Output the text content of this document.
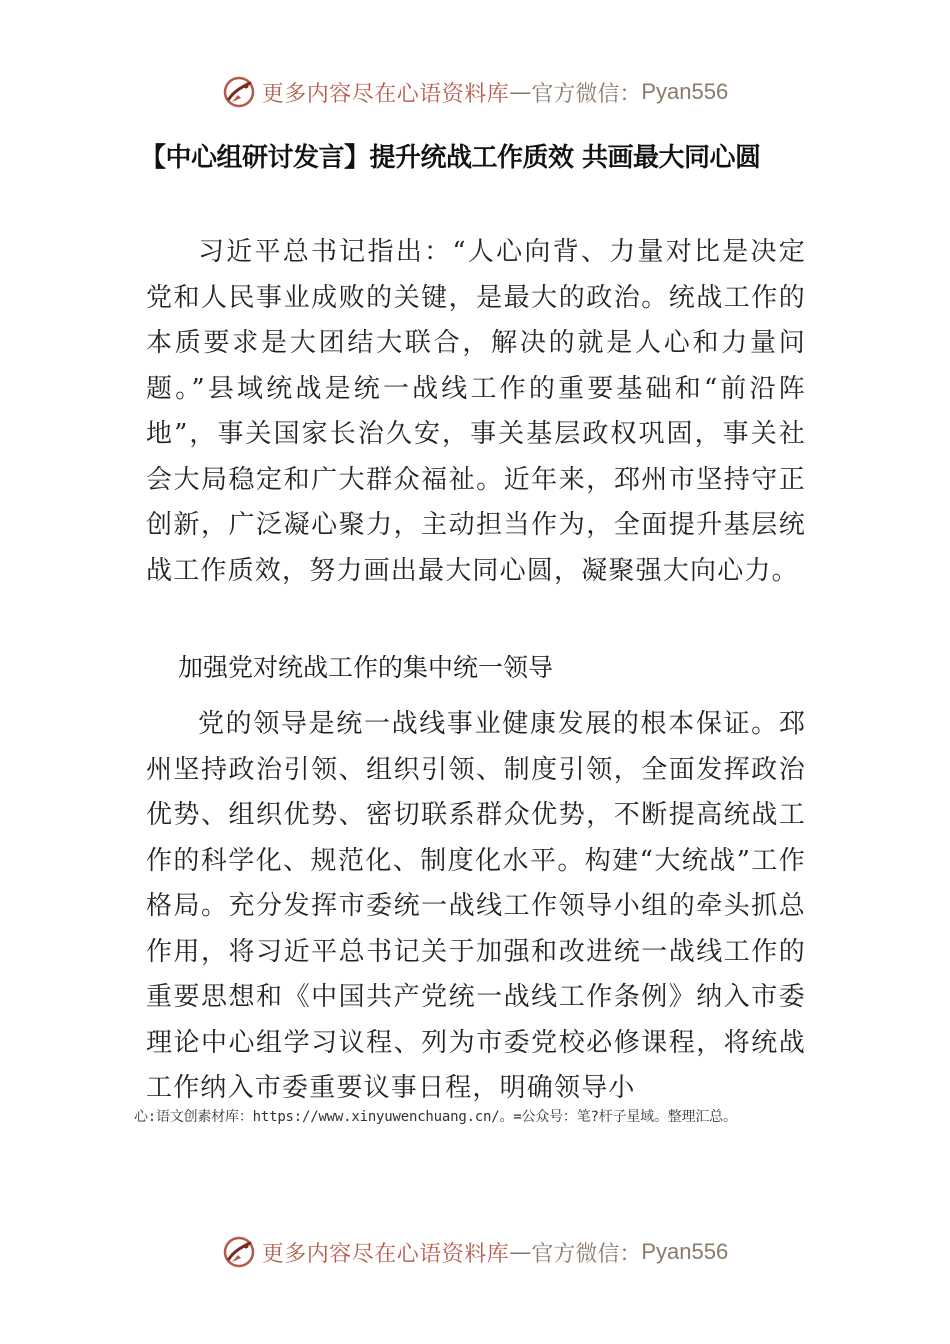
更多内容尽在心语资料库 — 官方微信： Pyan556
【中心组研讨发言】提升统战工作质效 共画最大同心圆

习近平总书记指出：“人心向背、力量对比是决定党和人民事业成败的关键，是最大的政治。统战工作的本质要求是大团结大联合，解决的就是人心和力量问题。”县域统战是统一战线工作的重要基础和“前沿阵地”，事关国家长治久安，事关基层政权巩固，事关社会大局稳定和广大群众福祉。近年来，邳州市坚持守正创新，广泛凝心聚力，主动担当作为，全面提升基层统战工作质效，努力画出最大同心圆，凝聚强大向心力。

加强党对统战工作的集中统一领导

党的领导是统一战线事业健康发展的根本保证。邳州坚持政治引领、组织引领、制度引领，全面发挥政治优势、组织优势、密切联系群众优势，不断提高统战工作的科学化、规范化、制度化水平。构建“大统战”工作格局。充分发挥市委统一战线工作领导小组的牵头抓总作用，将习近平总书记关于加强和改进统一战线工作的重要思想和《中国共产党统一战线工作条例》纳入市委理论中心组学习议程、列为市委党校必修课程，将统战工作纳入市委重要议事日程，明确领导小

心:语文创素材库：https://www.xinyuwenchuang.cn/。=公众号：笔?杆子星域。整理汇总。
更多内容尽在心语资料库 — 官方微信： Pyan556
